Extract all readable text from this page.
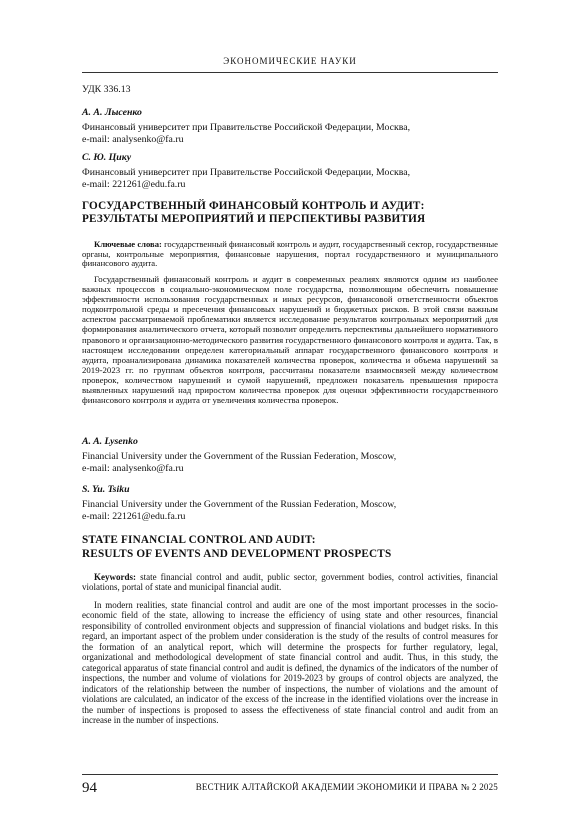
ЭКОНОМИЧЕСКИЕ НАУКИ

УДК 336.13

А. А. Лысенко

Финансовый университет при Правительстве Российской Федерации, Москва,

e-mail: analysenko@fa.ru

С. Ю. Цику

Финансовый университет при Правительстве Российской Федерации, Москва,

e-mail: 221261@edu.fa.ru

ГОСУДАРСТВЕННЫЙ ФИНАНСОВЫЙ КОНТРОЛЬ И АУДИТ:

РЕЗУЛЬТАТЫ МЕРОПРИЯТИЙ И ПЕРСПЕКТИВЫ РАЗВИТИЯ

Ключевые слова: государственный финансовый контроль и аудит, государственный сектор, государственные органы, контрольные мероприятия, финансовые нарушения, портал государственного и муниципального финансового аудита.

Государственный финансовый контроль и аудит в современных реалиях являются одним из наиболее важных процессов в социально-экономическом поле государства, позволяющим обеспечить повышение эффективности использования государственных и иных ресурсов, финансовой ответственности объектов подконтрольной среды и пресечения финансовых нарушений и бюджетных рисков. В этой связи важным аспектом рассматриваемой проблематики является исследование результатов контрольных мероприятий для формирования аналитического отчета, который позволит определить перспективы дальнейшего нормативного правового и организационно-методического развития государственного финансового контроля и аудита. Так, в настоящем исследовании определен категориальный аппарат государственного финансового контроля и аудита, проанализирована динамика показателей количества проверок, количества и объема нарушений за 2019-2023 гг. по группам объектов контроля, рассчитаны показатели взаимосвязей между количеством проверок, количеством нарушений и сумой нарушений, предложен показатель превышения прироста выявленных нарушений над приростом количества проверок для оценки эффективности государственного финансового контроля и аудита от увеличения количества проверок.

A. A. Lysenko

Financial University under the Government of the Russian Federation, Moscow,

e-mail: analysenko@fa.ru

S. Yu. Tsiku

Financial University under the Government of the Russian Federation, Moscow,

e-mail: 221261@edu.fa.ru

STATE FINANCIAL CONTROL AND AUDIT:

RESULTS OF EVENTS AND DEVELOPMENT PROSPECTS

Keywords: state financial control and audit, public sector, government bodies, control activities, financial violations, portal of state and municipal financial audit.

In modern realities, state financial control and audit are one of the most important processes in the socio-economic field of the state, allowing to increase the efficiency of using state and other resources, financial responsibility of controlled environment objects and suppression of financial violations and budget risks. In this regard, an important aspect of the problem under consideration is the study of the results of control measures for the formation of an analytical report, which will determine the prospects for further regulatory, legal, organizational and methodological development of state financial control and audit. Thus, in this study, the categorical apparatus of state financial control and audit is defined, the dynamics of the indicators of the number of inspections, the number and volume of violations for 2019-2023 by groups of control objects are analyzed, the indicators of the relationship between the number of inspections, the number of violations and the amount of violations are calculated, an indicator of the excess of the increase in the identified violations over the increase in the number of inspections is proposed to assess the effectiveness of state financial control and audit from an increase in the number of inspections.

94	ВЕСТНИК АЛТАЙСКОЙ АКАДЕМИИ ЭКОНОМИКИ И ПРАВА № 2 2025
